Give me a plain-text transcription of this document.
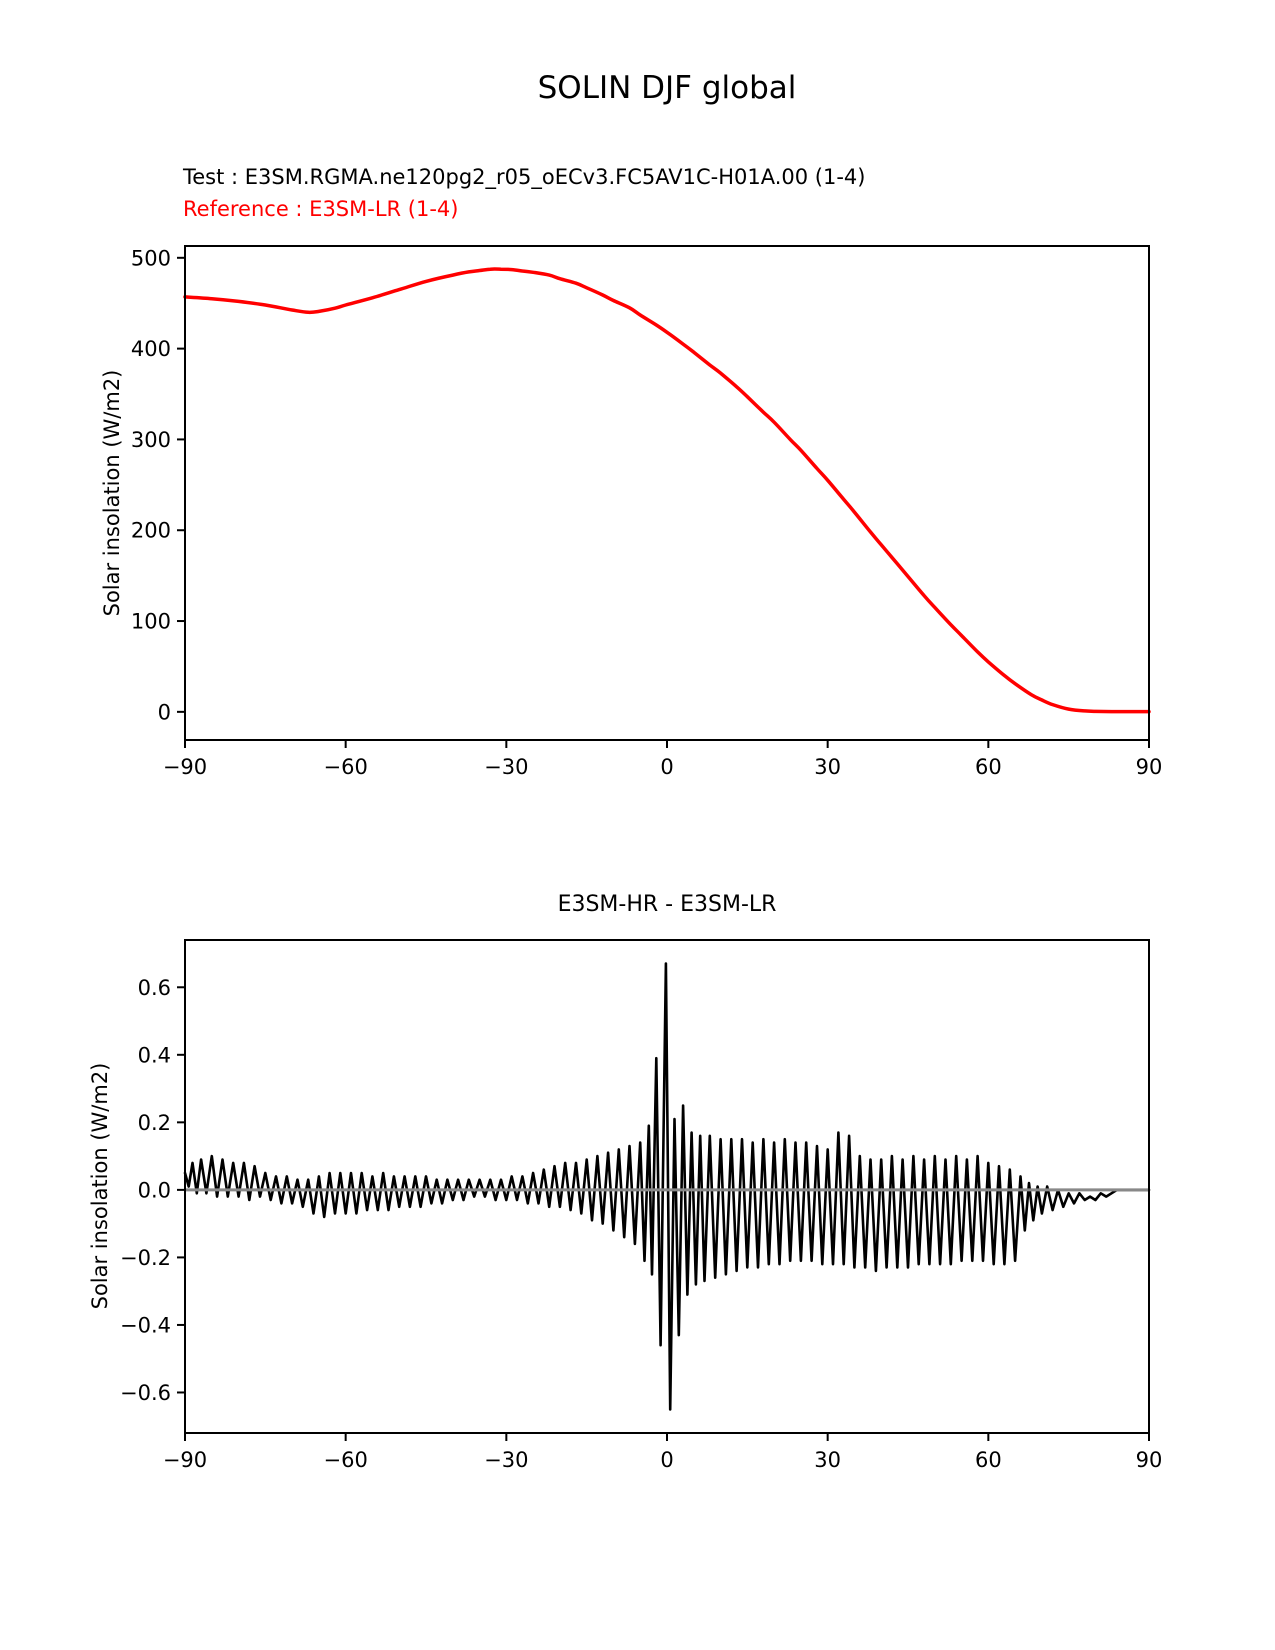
SOLIN DJF global
Test : E3SM.RGMA.ne120pg2_r05_oECv3.FC5AV1C-H01A.00 (1-4)
Reference : E3SM-LR (1-4)
Solar insolation (W/m2)
E3SM-HR - E3SM-LR
Solar insolation (W/m2)
−90	−60	−30	0	30	60	90
0
100
200
300
400
500
−90	−60	−30	0	30	60	90
−0.6
−0.4
−0.2
0.0
0.2
0.4
0.6
